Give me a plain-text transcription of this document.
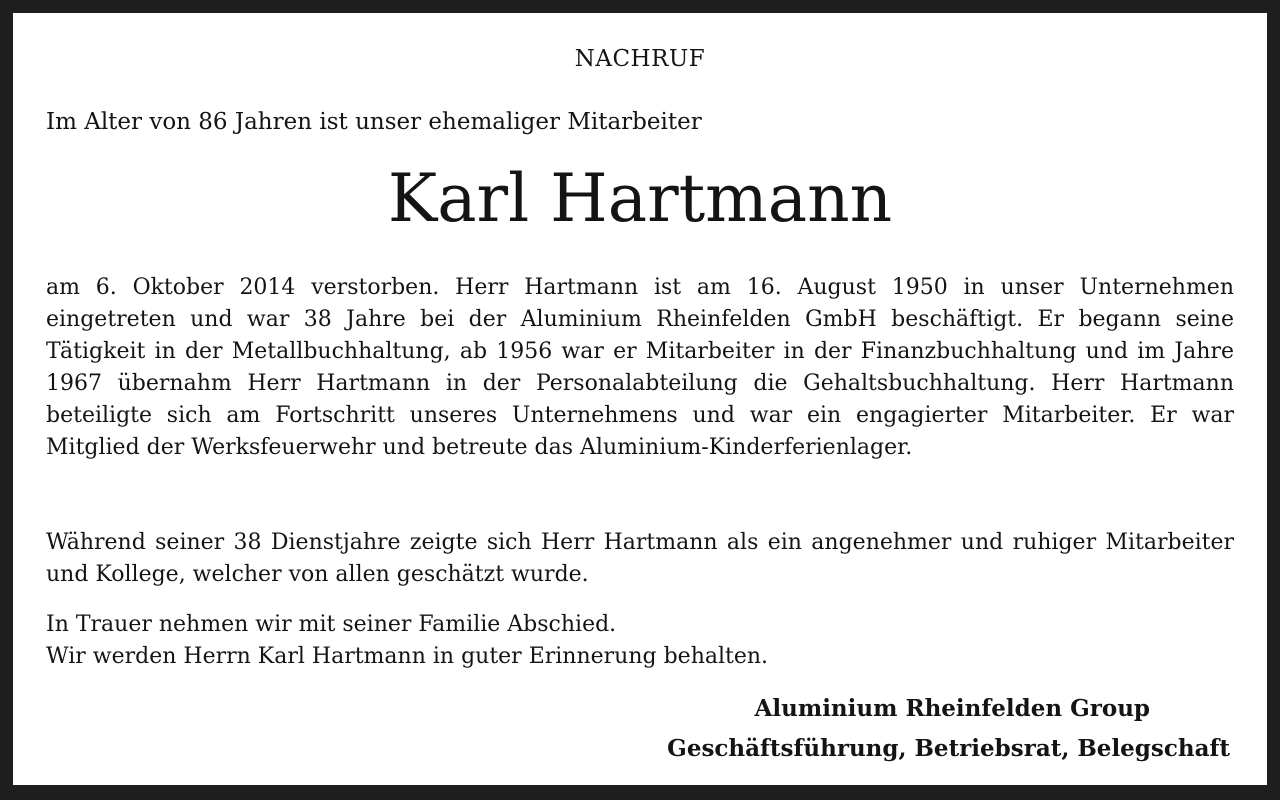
NACHRUF
Im Alter von 86 Jahren ist unser ehemaliger Mitarbeiter
Karl Hartmann
am 6. Oktober 2014 verstorben. Herr Hartmann ist am 16. August 1950 in unser Unternehmen eingetreten und war 38 Jahre bei der Aluminium Rheinfelden GmbH beschäftigt. Er begann seine Tätigkeit in der Metallbuchhaltung, ab 1956 war er Mitarbeiter in der Finanzbuchhaltung und im Jahre 1967 übernahm Herr Hartmann in der Personalabteilung die Gehaltsbuchhaltung. Herr Hartmann beteiligte sich am Fortschritt unseres Unternehmens und war ein engagierter Mitarbeiter. Er war Mitglied der Werksfeuerwehr und betreute das Aluminium-Kinderferienlager.
Während seiner 38 Dienstjahre zeigte sich Herr Hartmann als ein angenehmer und ruhiger Mitarbeiter und Kollege, welcher von allen geschätzt wurde.
In Trauer nehmen wir mit seiner Familie Abschied.
Wir werden Herrn Karl Hartmann in guter Erinnerung behalten.
Aluminium Rheinfelden Group
Geschäftsführung, Betriebsrat, Belegschaft
